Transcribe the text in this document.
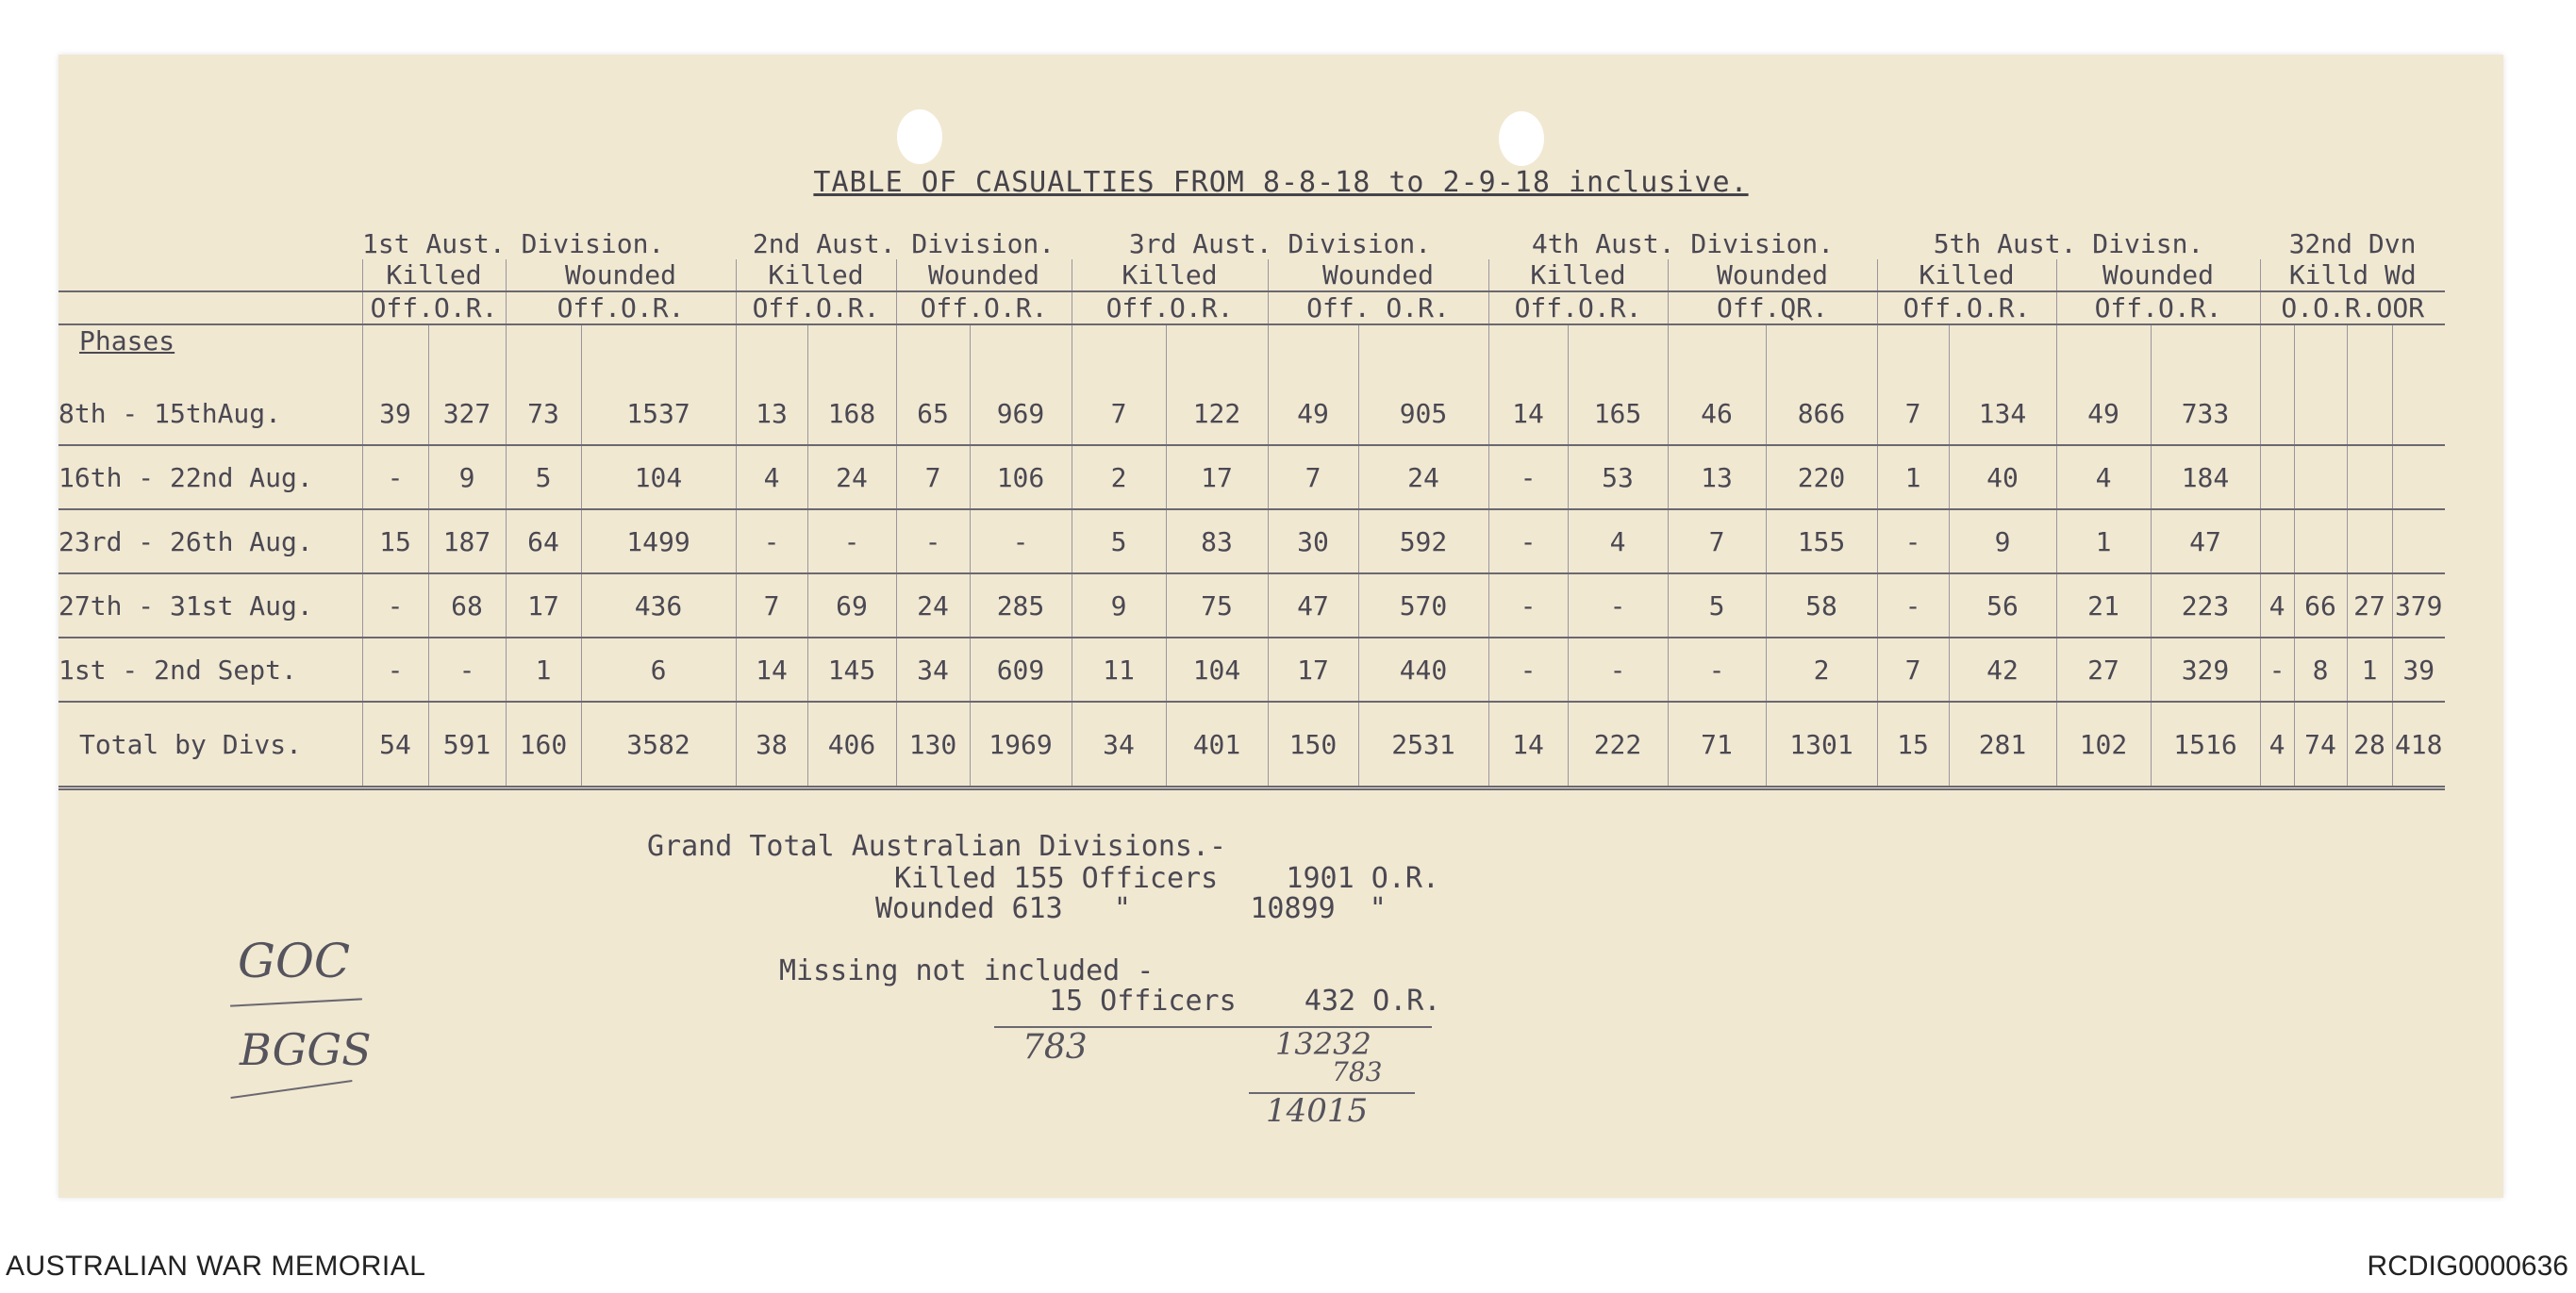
TABLE OF CASUALTIES FROM 8-8-18 to 2-9-18 inclusive.
	1st Aust. Division.				2nd Aust. Division.				3rd Aust. Division.				4th Aust. Division.				5th Aust. Divisn.				32nd Dvn			
	Killed		Wounded		Killed		Wounded		Killed		Wounded		Killed		Wounded		Killed		Wounded		Killd Wd			
	Off.O.R.		Off.O.R.		Off.O.R.		Off.O.R.		Off.O.R.		Off. O.R.		Off.O.R.		Off.QR.		Off.O.R.		Off.O.R.		O.O.R.OOR			
Phases																								
8th - 15thAug.	39	327	73	1537	13	168	65	969	7	122	49	905	14	165	46	866	7	134	49	733				
16th - 22nd Aug.	-	9	5	104	4	24	7	106	2	17	7	24	-	53	13	220	1	40	4	184				
23rd - 26th Aug.	15	187	64	1499	-	-	-	-	5	83	30	592	-	4	7	155	-	9	1	47				
27th - 31st Aug.	-	68	17	436	7	69	24	285	9	75	47	570	-	-	5	58	-	56	21	223	4	66	27	379
1st - 2nd Sept.	-	-	1	6	14	145	34	609	11	104	17	440	-	-	-	2	7	42	27	329	-	8	1	39
Total by Divs.	54	591	160	3582	38	406	130	1969	34	401	150	2531	14	222	71	1301	15	281	102	1516	4	74	28	418
Grand Total Australian Divisions.-
Killed 155 Officers    1901 O.R.
Wounded 613   "       10899  "
Missing not included -
15 Officers    432 O.R.
783	13232
783
14015
GOC
BGGS
AUSTRALIAN WAR MEMORIAL	RCDIG0000636
